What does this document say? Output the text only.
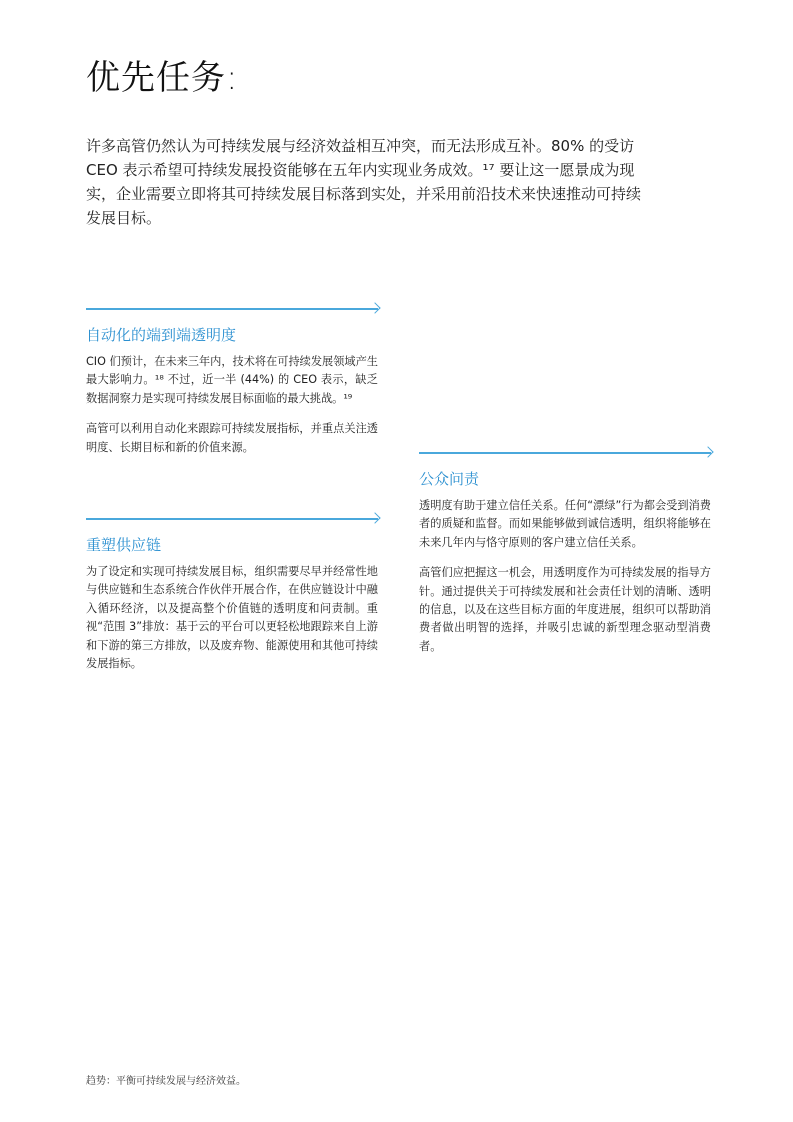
优先任务:

许多高管仍然认为可持续发展与经济效益相互冲突，而无法形成互补。80% 的受访 CEO 表示希望可持续发展投资能够在五年内实现业务成效。¹⁷ 要让这一愿景成为现实，企业需要立即将其可持续发展目标落到实处，并采用前沿技术来快速推动可持续发展目标。

自动化的端到端透明度

CIO 们预计，在未来三年内，技术将在可持续发展领域产生最大影响力。¹⁸ 不过，近一半 (44%) 的 CEO 表示，缺乏数据洞察力是实现可持续发展目标面临的最大挑战。¹⁹

高管可以利用自动化来跟踪可持续发展指标，并重点关注透明度、长期目标和新的价值来源。

重塑供应链

为了设定和实现可持续发展目标，组织需要尽早并经常性地与供应链和生态系统合作伙伴开展合作，在供应链设计中融入循环经济，以及提高整个价值链的透明度和问责制。重视“范围 3”排放：基于云的平台可以更轻松地跟踪来自上游和下游的第三方排放，以及废弃物、能源使用和其他可持续发展指标。

公众问责

透明度有助于建立信任关系。任何“漂绿”行为都会受到消费者的质疑和监督。而如果能够做到诚信透明，组织将能够在未来几年内与恪守原则的客户建立信任关系。

高管们应把握这一机会，用透明度作为可持续发展的指导方针。通过提供关于可持续发展和社会责任计划的清晰、透明的信息，以及在这些目标方面的年度进展，组织可以帮助消费者做出明智的选择，并吸引忠诚的新型理念驱动型消费者。

趋势：平衡可持续发展与经济效益。
